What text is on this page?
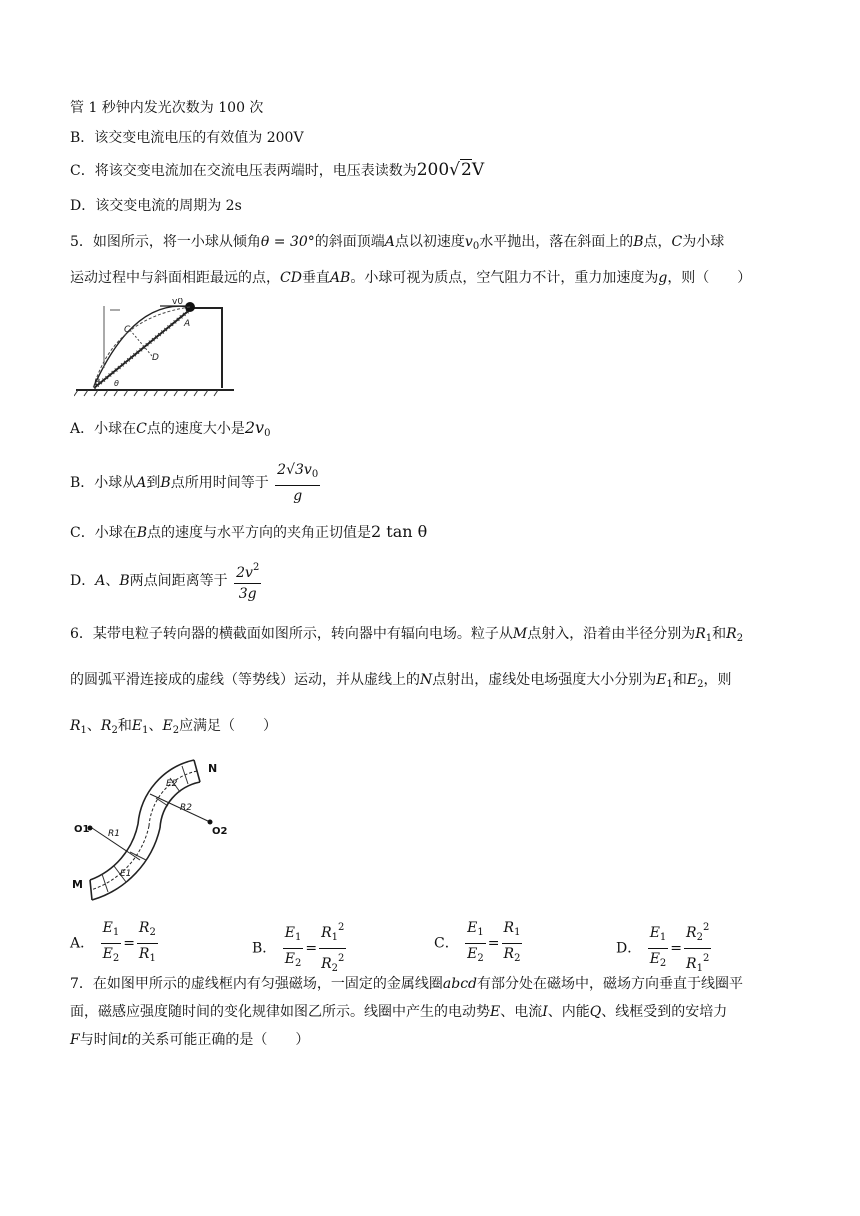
管 1 秒钟内发光次数为 100 次
B．该交变电流电压的有效值为 200V
C．将该交变电流加在交流电压表两端时，电压表读数为200√2V
D．该交变电流的周期为 2s
5．如图所示，将一小球从倾角θ = 30°的斜面顶端A点以初速度$v_0$水平抛出，落在斜面上的B点，C为小球
运动过程中与斜面相距最远的点，CD垂直AB。小球可视为质点，空气阻力不计，重力加速度为g，则（　　）
v0
A
C
D
B θ
A．小球在C点的速度大小是$2v_0$
B．小球从A到B点所用时间等于 $\frac{2√3v_0}{g}$
C．小球在B点的速度与水平方向的夹角正切值是2 tan θ
D．A、B两点间距离等于 $\frac{2v^2}{3g}$
6．某带电粒子转向器的横截面如图所示，转向器中有辐向电场。粒子从M点射入，沿着由半径分别为$R_1$和$R_2$
的圆弧平滑连接成的虚线（等势线）运动，并从虚线上的N点射出，虚线处电场强度大小分别为$E_1$和$E_2$，则
$R_1$、$R_2$和$E_1$、$E_2$应满足（　　）
N
E2
R2
O2
O1 R1
E1
M
A． $\frac{E_1}{E_2} = \frac{R_2}{R_1}$	B． $\frac{E_1}{E_2} = \frac{R_1^2}{R_2^2}$	C． $\frac{E_1}{E_2} = \frac{R_1}{R_2}$	D． $\frac{E_1}{E_2} = \frac{R_2^2}{R_1^2}$
7．在如图甲所示的虚线框内有匀强磁场，一固定的金属线圈abcd有部分处在磁场中，磁场方向垂直于线圈平
面，磁感应强度随时间的变化规律如图乙所示。线圈中产生的电动势E、电流I、内能Q、线框受到的安培力
F与时间t的关系可能正确的是（　　）
